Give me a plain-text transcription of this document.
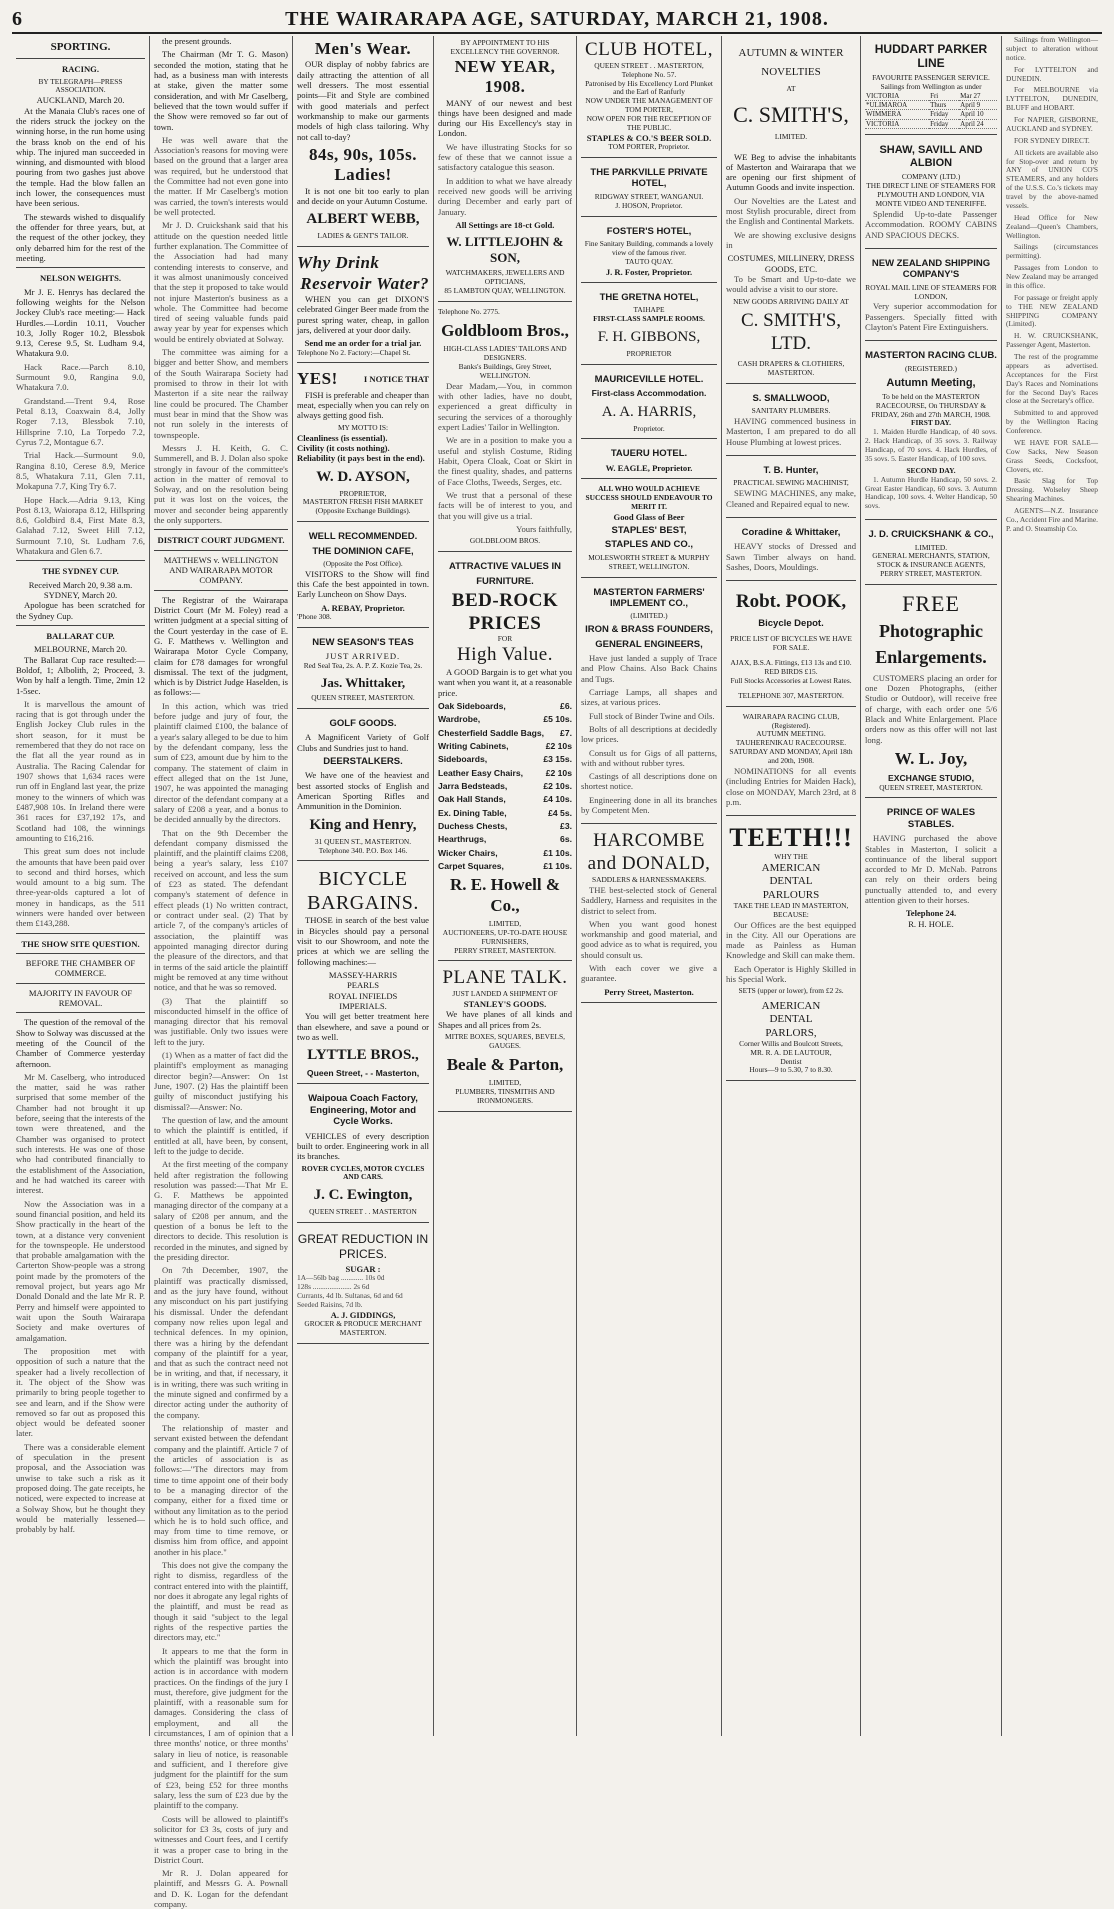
6	THE WAIRARAPA AGE, SATURDAY, MARCH 21, 1908.
SPORTING.
RACING.
BY TELEGRAPH—PRESS ASSOCIATION.
AUCKLAND, March 20.

At the Manaia Club's races one of the riders struck the jockey on the winning horse, in the run home using the brass knob on the end of his whip. The injured man succeeded in winning, and dismounted with blood pouring from two gashes just above the temple. Had the blow fallen an inch lower, the consequences must have been serious.

The stewards wished to disqualify the offender for three years, but, at the request of the other jockey, they only debarred him for the rest of the meeting.

NELSON WEIGHTS.

Mr J. E. Henrys has declared the following weights for the Nelson Jockey Club's race meeting:— Hack Hurdles.—Lordin 10.11, Voucher 10.3, Jolly Roger 10.2, Blessbok 9.13, Cerese 9.5, St. Ludham 9.4, Whatakura 9.0.

Hack Race.—Parch 8.10, Surmount 9.0, Rangina 9.0, Whatakura 7.0.

Grandstand.—Trent 9.4, Rose Petal 8.13, Coaxwain 8.4, Jolly Roger 7.13, Blessbok 7.10, Hillsprine 7.10, La Torpedo 7.2, Cyrus 7.2, Montague 6.7.

Trial Hack.—Surmount 9.0, Rangina 8.10, Cerese 8.9, Merice 8.5, Whatakura 7.11, Glen 7.11, Mokapuna 7.7, King Try 6.7.

Hope Hack.—Adria 9.13, King Post 8.13, Waiorapa 8.12, Hillspring 8.6, Goldbird 8.4, First Mate 8.3, Galahad 7.12, Sweet Hill 7.12, Surmount 7.10, St. Ludham 7.6, Whatakura and Glen 6.7.

THE SYDNEY CUP.
Received March 20, 9.38 a.m.
SYDNEY, March 20.

Apologue has been scratched for the Sydney Cup.

BALLARAT CUP.
MELBOURNE, March 20.

The Ballarat Cup race resulted:— Boldof, 1; Albolith, 2; Proceed, 3. Won by half a length. Time, 2min 12 1-5sec.

It is marvellous the amount of racing that is got through under the English Jockey Club rules in the short season, for it must be remembered that they do not race on the flat all the year round as in Australia. The Racing Calendar for 1907 shows that 1,634 races were run off in England last year, the prize money to the winners of which was £487,908 10s. In Ireland there were 361 races for £37,192 17s, and Scotland had 108, the winnings amounting to £16,216.

This great sum does not include the amounts that have been paid over to second and third horses, which would amount to a big sum. The three-year-olds captured a lot of money in handicaps, as the 511 winners were handed over between them £143,288.

THE SHOW SITE QUESTION.
BEFORE THE CHAMBER OF COMMERCE.
MAJORITY IN FAVOUR OF REMOVAL.

The question of the removal of the Show to Solway was discussed at the meeting of the Council of the Chamber of Commerce yesterday afternoon.

Mr M. Caselberg, who introduced the matter, said he was rather surprised that some member of the Chamber had not brought it up before, seeing that the interests of the town were threatened, and the Chamber was organised to protect such interests. He was one of those who had contributed financially to the establishment of the Association, and he had watched its career with interest.

Now the Association was in a sound financial position, and held its Show practically in the heart of the town, at a distance very convenient for the townspeople. He understood that probable amalgamation with the Carterton Show-people was a strong point made by the promoters of the removal project, but years ago Mr Donald Donald and the late Mr R. P. Perry and himself were appointed to wait upon the South Wairarapa Society and make overtures of amalgamation.

The proposition met with opposition of such a nature that the speaker had a lively recollection of it. The object of the Show was primarily to bring people together to see and learn, and if the Show were removed so far out as proposed this object would be defeated sooner later.

There was a considerable element of speculation in the present proposal, and the Association was unwise to take such a risk as it proposed doing. The gate receipts, he noticed, were expected to increase at a Solway Show, but he thought they would be materially lessened—probably by half.

the present grounds.

The Chairman (Mr T. G. Mason) seconded the motion, stating that he had, as a business man with interests at stake, given the matter some consideration, and with Mr Caselberg, believed that the town would suffer if the Show were removed so far out of town.

He was well aware that the Association's reasons for moving were based on the ground that a larger area was required, but he understood that the Committee had not even gone into the matter. If Mr Caselberg's motion was carried, the town's interests would be well protected.

Mr J. D. Cruickshank said that his attitude on the question needed little further explanation. The Committee of the Association had had many contending interests to conserve, and it was almost unanimously conceived that the step it proposed to take would not injure Masterton's business as a whole. The Committee had become tired of seeing valuable funds paid away year by year for expenses which would be entirely obviated at Solway.

The committee was aiming for a bigger and better Show, and members of the South Wairarapa Society had promised to throw in their lot with Masterton if a site near the railway line could be procured. The Chamber must bear in mind that the Show was not run solely in the interests of townspeople.

Messrs J. H. Keith, G. C. Summerell, and B. J. Dolan also spoke strongly in favour of the committee's action in the matter of removal to Solway, and on the resolution being put it was lost on the voices, the mover and seconder being apparently the only supporters.

DISTRICT COURT JUDGMENT.
MATTHEWS v. WELLINGTON AND WAIRARAPA MOTOR COMPANY.

The Registrar of the Wairarapa District Court (Mr M. Foley) read a written judgment at a special sitting of the Court yesterday in the case of E. G. F. Matthews v. Wellington and Wairarapa Motor Cycle Company, claim for £78 damages for wrongful dismissal. The text of the judgment, which is by District Judge Haselden, is as follows:—

In this action, which was tried before judge and jury of four, the plaintiff claimed £100, the balance of a year's salary alleged to be due to him by the defendant company, less the sum of £23, amount due by him to the company. The statement of claim in effect alleged that on the 1st June, 1907, he was appointed the managing director of the defendant company at a salary of £208 a year, and a bonus to be decided annually by the directors.

That on the 9th December the defendant company dismissed the plaintiff, and the plaintiff claims £208, being a year's salary, less £107 received on account, and less the sum of £23 as stated. The defendant company's statement of defence in effect pleads (1) No written contract, or contract under seal. (2) That by article 7, of the company's articles of association, the plaintiff was appointed managing director during the pleasure of the directors, and that in terms of the said article the plaintiff might be removed at any time without notice, and that he was so removed.

(3) That the plaintiff so misconducted himself in the office of managing director that his removal was justifiable. Only two issues were left to the jury.

(1) When as a matter of fact did the plaintiff's employment as managing director begin?—Answer: On 1st June, 1907. (2) Has the plaintiff been guilty of misconduct justifying his dismissal?—Answer: No.

The question of law, and the amount to which the plaintiff is entitled, if entitled at all, have been, by consent, left to the judge to decide.

At the first meeting of the company held after registration the following resolution was passed:—That Mr E. G. F. Matthews be appointed managing director of the company at a salary of £208 per annum, and the question of a bonus be left to the directors to decide. This resolution is recorded in the minutes, and signed by the presiding director.

On 7th December, 1907, the plaintiff was practically dismissed, and as the jury have found, without any misconduct on his part justifying his dismissal. Under the defendant company now relies upon legal and technical defences. In my opinion, there was a hiring by the defendant company of the plaintiff for a year, and that as such the contract need not be in writing, and that, if necessary, it is in writing, there was such writing in the minute signed and confirmed by a director acting under the authority of the company.

The relationship of master and servant existed between the defendant company and the plaintiff. Article 7 of the articles of association is as follows:—"The directors may from time to time appoint one of their body to be a managing director of the company, either for a fixed time or without any limitation as to the period which he is to hold such office, and may from time to time remove, or dismiss him from office, and appoint another in his place."

This does not give the company the right to dismiss, regardless of the contract entered into with the plaintiff, nor does it abrogate any legal rights of the plaintiff, and must be read as though it said "subject to the legal rights of the respective parties the directors may, etc."

It appears to me that the form in which the plaintiff was brought into action is in accordance with modern practices. On the findings of the jury I must, therefore, give judgment for the plaintiff, with a reasonable sum for damages. Considering the class of employment, and all the circumstances, I am of opinion that a three months' notice, or three months' salary in lieu of notice, is reasonable and sufficient, and I therefore give judgment for the plaintiff for the sum of £23, being £52 for three months salary, less the sum of £23 due by the plaintiff to the company.

Costs will be allowed to plaintiff's solicitor for £3 3s, costs of jury and witnesses and Court fees, and I certify it was a proper case to bring in the District Court.

Mr R. J. Dolan appeared for plaintiff, and Messrs G. A. Pownall and D. K. Logan for the defendant company.

Men's Wear.

OUR display of nobby fabrics are daily attracting the attention of all well dressers. The most essential points—Fit and Style are combined with good materials and perfect workmanship to make our garments models of high class tailoring. Why not call to-day?

84s, 90s, 105s.
Ladies!

It is not one bit too early to plan and decide on your Autumn Costume.

ALBERT WEBB,
LADIES & GENT'S TAILOR.
Why Drink
Reservoir Water?

WHEN you can get DIXON'S celebrated Ginger Beer made from the purest spring water, cheap, in gallon jars, delivered at your door daily.

Send me an order for a trial jar.
Telephone No 2. Factory:—Chapel St.
YES!	I NOTICE THAT

FISH is preferable and cheaper than meat, especially when you can rely on always getting good fish.

MY MOTTO IS:
Cleanliness (is essential).
Civility (it costs nothing).
Reliability (it pays best in the end).
W. D. AYSON,
PROPRIETOR,
MASTERTON FRESH FISH MARKET
(Opposite Exchange Buildings).
WELL RECOMMENDED.
THE DOMINION CAFE,
(Opposite the Post Office).

VISITORS to the Show will find this Cafe the best appointed in town. Early Luncheon on Show Days.

A. REBAY, Proprietor.
'Phone 308.
NEW SEASON'S TEAS
JUST ARRIVED.
Red Seal Tea, 2s. A. P. Z. Kozie Tea, 2s.
Jas. Whittaker,
QUEEN STREET, MASTERTON.
GOLF GOODS.

A Magnificent Variety of Golf Clubs and Sundries just to hand.

DEERSTALKERS.

We have one of the heaviest and best assorted stocks of English and American Sporting Rifles and Ammunition in the Dominion.

King and Henry,
31 QUEEN ST., MASTERTON.
Telephone 340. P.O. Box 146.
BICYCLE
BARGAINS.

THOSE in search of the best value in Bicycles should pay a personal visit to our Showroom, and note the prices at which we are selling the following machines:—

MASSEY-HARRIS
PEARLS
ROYAL INFIELDS
IMPERIALS.

You will get better treatment here than elsewhere, and save a pound or two as well.

LYTTLE BROS.,
Queen Street, - - Masterton,
Waipoua Coach Factory, Engineering, Motor and Cycle Works.

VEHICLES of every description built to order. Engineering work in all its branches.

ROVER CYCLES, MOTOR CYCLES AND CARS.
J. C. Ewington,
QUEEN STREET . . MASTERTON
GREAT REDUCTION IN PRICES.
SUGAR :
1A—56lb bag ............ 10s 0d
128s ..................... 2s 6d
Currants, 4d lb. Sultanas, 6d and 6d
Seeded Raisins, 7d lb.
A. J. GIDDINGS,
GROCER & PRODUCE MERCHANT
MASTERTON.
BY APPOINTMENT TO HIS EXCELLENCY THE GOVERNOR.
NEW YEAR, 1908.

MANY of our newest and best things have been designed and made during our His Excellency's stay in London.

We have illustrating Stocks for so few of these that we cannot issue a satisfactory catalogue this season.

In addition to what we have already received new goods will be arriving during December and early part of January.

All Settings are 18-ct Gold.
W. LITTLEJOHN & SON,
WATCHMAKERS, JEWELLERS AND OPTICIANS,
85 LAMBTON QUAY, WELLINGTON.
Telephone No. 2775.
Goldbloom Bros.,
HIGH-CLASS LADIES' TAILORS AND DESIGNERS.
Banks's Buildings, Grey Street, WELLINGTON.

Dear Madam,—You, in common with other ladies, have no doubt, experienced a great difficulty in securing the services of a thoroughly expert Ladies' Tailor in Wellington.

We are in a position to make you a useful and stylish Costume, Riding Habit, Opera Cloak, Coat or Skirt in the finest quality, shades, and patterns of Face Cloths, Tweeds, Serges, etc.

We trust that a personal of these facts will be of interest to you, and that you will give us a trial.

Yours faithfully,

GOLDBLOOM BROS.
ATTRACTIVE VALUES IN
FURNITURE.
BED-ROCK PRICES
FOR
High Value.

A GOOD Bargain is to get what you want when you want it, at a reasonable price.

Oak Sideboards,	£6.
Wardrobe,	£5 10s.
Chesterfield Saddle Bags, £7.
Writing Cabinets,	£2 10s
Sideboards,	£3 15s.
Leather Easy Chairs,	£2 10s
Jarra Bedsteads,	£2 10s.
Oak Hall Stands,	£4 10s.
Ex. Dining Table,	£4 5s.
Duchess Chests,	£3.
Hearthrugs,	6s.
Wicker Chairs,	£1 10s.
Carpet Squares,	£1 10s.
R. E. Howell & Co.,
LIMITED,
AUCTIONEERS, UP-TO-DATE HOUSE FURNISHERS,
PERRY STREET, MASTERTON.
PLANE TALK.
JUST LANDED A SHIPMENT OF
STANLEY'S GOODS.

We have planes of all kinds and Shapes and all prices from 2s.

MITRE BOXES, SQUARES, BEVELS, GAUGES.
Beale & Parton,
LIMITED,
PLUMBERS, TINSMITHS AND IRONMONGERS.
CLUB HOTEL,
QUEEN STREET . . MASTERTON,
Telephone No. 57.
Patronised by His Excellency Lord Plunket and the Earl of Ranfurly
NOW UNDER THE MANAGEMENT OF TOM PORTER,
NOW OPEN FOR THE RECEPTION OF THE PUBLIC.
STAPLES & CO.'S BEER SOLD.
TOM PORTER, Proprietor.
THE PARKVILLE PRIVATE HOTEL,
RIDGWAY STREET, WANGANUI.
J. HOSON, Proprietor.
FOSTER'S HOTEL,
Fine Sanitary Building, commands a lovely view of the famous river.
TAUTO QUAY.
J. R. Foster, Proprietor.
THE GRETNA HOTEL,
TAIHAPE
FIRST-CLASS SAMPLE ROOMS.
F. H. GIBBONS,
PROPRIETOR
MAURICEVILLE HOTEL.
First-class Accommodation.
A. A. HARRIS,
Proprietor.
TAUERU HOTEL.
W. EAGLE, Proprietor.
ALL WHO WOULD ACHIEVE SUCCESS SHOULD ENDEAVOUR TO MERIT IT.
Good Glass of Beer
STAPLES' BEST,
STAPLES AND CO.,
MOLESWORTH STREET & MURPHY STREET, WELLINGTON.
MASTERTON FARMERS' IMPLEMENT CO.,
(LIMITED.)
IRON & BRASS FOUNDERS,
GENERAL ENGINEERS,

Have just landed a supply of Trace and Plow Chains. Also Back Chains and Tugs.

Carriage Lamps, all shapes and sizes, at various prices.

Full stock of Binder Twine and Oils.

Bolts of all descriptions at decidedly low prices.

Consult us for Gigs of all patterns, with and without rubber tyres.

Castings of all descriptions done on shortest notice.

Engineering done in all its branches by Competent Men.

HARCOMBE
and DONALD,
SADDLERS & HARNESSMAKERS.

THE best-selected stock of General Saddlery, Harness and requisites in the district to select from.

When you want good honest workmanship and good material, and good advice as to what is required, you should consult us.

With each cover we give a guarantee.

Perry Street, Masterton.
AUTUMN & WINTER
NOVELTIES
AT
C. SMITH'S,
LIMITED.

WE Beg to advise the inhabitants of Masterton and Wairarapa that we are opening our first shipment of Autumn Goods and invite inspection.

Our Novelties are the Latest and most Stylish procurable, direct from the English and Continental Markets.

We are showing exclusive designs in

COSTUMES, MILLINERY, DRESS GOODS, ETC.

To be Smart and Up-to-date we would advise a visit to our store.

NEW GOODS ARRIVING DAILY AT
C. SMITH'S, LTD.
CASH DRAPERS & CLOTHIERS,
MASTERTON.
S. SMALLWOOD,
SANITARY PLUMBERS.

HAVING commenced business in Masterton, I am prepared to do all House Plumbing at lowest prices.

T. B. Hunter,
PRACTICAL SEWING MACHINIST,

SEWING MACHINES, any make, Cleaned and Repaired equal to new.

Coradine & Whittaker,

HEAVY stocks of Dressed and Sawn Timber always on hand. Sashes, Doors, Mouldings.

Robt. POOK,
Bicycle Depot.
PRICE LIST OF BICYCLES WE HAVE FOR SALE.
AJAX, B.S.A. Fittings, £13 13s and £10.
RED BIRDS £15.
Full Stocks Accessories at Lowest Rates.
TELEPHONE 307, MASTERTON.
WAIRARAPA RACING CLUB, (Registered).
AUTUMN MEETING.
TAUHERENIKAU RACECOURSE.
SATURDAY AND MONDAY, April 18th and 20th, 1908.

NOMINATIONS for all events (including Entries for Maiden Hack), close on MONDAY, March 23rd, at 8 p.m.

TEETH!!!
WHY THE
AMERICAN
DENTAL
PARLOURS
TAKE THE LEAD IN MASTERTON,
BECAUSE:

Our Offices are the best equipped in the City. All our Operations are made as Painless as Human Knowledge and Skill can make them.

Each Operator is Highly Skilled in his Special Work.

SETS (upper or lower), from £2 2s.
AMERICAN
DENTAL
PARLORS,
Corner Willis and Boulcott Streets,
MR. R. A. DE LAUTOUR,
Dentist
Hours—9 to 5.30, 7 to 8.30.
HUDDART PARKER LINE
FAVOURITE PASSENGER SERVICE.
Sailings from Wellington as under
VICTORIA	Fri	Mar 27
*ULIMAROA	Thurs	April 9
WIMMERA	Friday	April 10
VICTORIA	Friday	April 24
SHAW, SAVILL AND ALBION
COMPANY (LTD.)
THE DIRECT LINE OF STEAMERS FOR PLYMOUTH AND LONDON, VIA MONTE VIDEO AND TENERIFFE.

Splendid Up-to-date Passenger Accommodation. ROOMY CABINS AND SPACIOUS DECKS.

NEW ZEALAND SHIPPING COMPANY'S
ROYAL MAIL LINE OF STEAMERS FOR LONDON,

Very superior accommodation for Passengers. Specially fitted with Clayton's Patent Fire Extinguishers.

MASTERTON RACING CLUB.
(REGISTERED.)
Autumn Meeting,
To be held on the MASTERTON RACECOURSE, On THURSDAY & FRIDAY, 26th and 27th MARCH, 1908.
FIRST DAY.

1. Maiden Hurdle Handicap, of 40 sovs. 2. Hack Handicap, of 35 sovs. 3. Railway Handicap, of 70 sovs. 4. Hack Hurdles, of 35 sovs. 5. Easter Handicap, of 100 sovs.

SECOND DAY.

1. Autumn Hurdle Handicap, 50 sovs. 2. Great Easter Handicap, 60 sovs. 3. Autumn Handicap, 100 sovs. 4. Welter Handicap, 50 sovs.

J. D. CRUICKSHANK & CO.,
LIMITED.
GENERAL MERCHANTS, STATION, STOCK & INSURANCE AGENTS,
PERRY STREET, MASTERTON.
FREE
Photographic
Enlargements.

CUSTOMERS placing an order for one Dozen Photographs, (either Studio or Outdoor), will receive free of charge, with each order one 5/6 Black and White Enlargement. Place orders now as this offer will not last long.

W. L. Joy,
EXCHANGE STUDIO,
QUEEN STREET, MASTERTON.
PRINCE OF WALES STABLES.

HAVING purchased the above Stables in Masterton, I solicit a continuance of the liberal support accorded to Mr D. McNab. Patrons can rely on their orders being punctually attended to, and every attention given to their horses.

Telephone 24.
R. H. HOLE.

Sailings from Wellington—subject to alteration without notice.

For LYTTELTON and DUNEDIN.

For MELBOURNE via LYTTELTON, DUNEDIN, BLUFF and HOBART.

For NAPIER, GISBORNE, AUCKLAND and SYDNEY.

FOR SYDNEY DIRECT.

All tickets are available also for Stop-over and return by ANY of UNION CO'S STEAMERS, and any holders of the U.S.S. Co.'s tickets may travel by the above-named vessels.

Head Office for New Zealand—Queen's Chambers, Wellington.

Sailings (circumstances permitting).

Passages from London to New Zealand may be arranged in this office.

For passage or freight apply to THE NEW ZEALAND SHIPPING COMPANY (Limited).

H. W. CRUICKSHANK, Passenger Agent, Masterton.

The rest of the programme appears as advertised. Acceptances for the First Day's Races and Nominations for the Second Day's Races close at the Secretary's office.

Submitted to and approved by the Wellington Racing Conference.

WE HAVE FOR SALE—Cow Sacks, New Season Grass Seeds, Cocksfoot, Clovers, etc.

Basic Slag for Top Dressing. Wolseley Sheep Shearing Machines.

AGENTS—N.Z. Insurance Co., Accident Fire and Marine. P. and O. Steamship Co.
